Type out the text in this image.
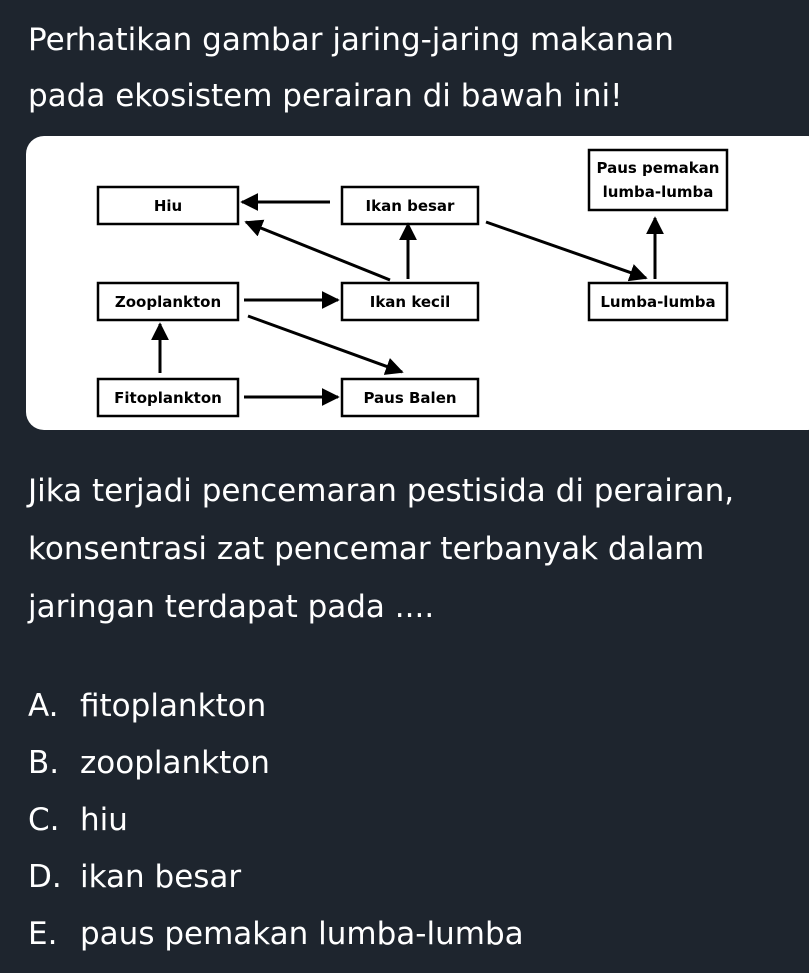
Perhatikan gambar jaring-jaring makanan
pada ekosistem perairan di bawah ini!
Hiu	Ikan besar
Paus pemakan
lumba-lumba
Zooplankton	Ikan kecil	Lumba-lumba
Fitoplankton	Paus Balen
Jika terjadi pencemaran pestisida di perairan,
konsentrasi zat pencemar terbanyak dalam
jaringan terdapat pada ....
A. fitoplankton
B. zooplankton
C. hiu
D. ikan besar
E. paus pemakan lumba-lumba
